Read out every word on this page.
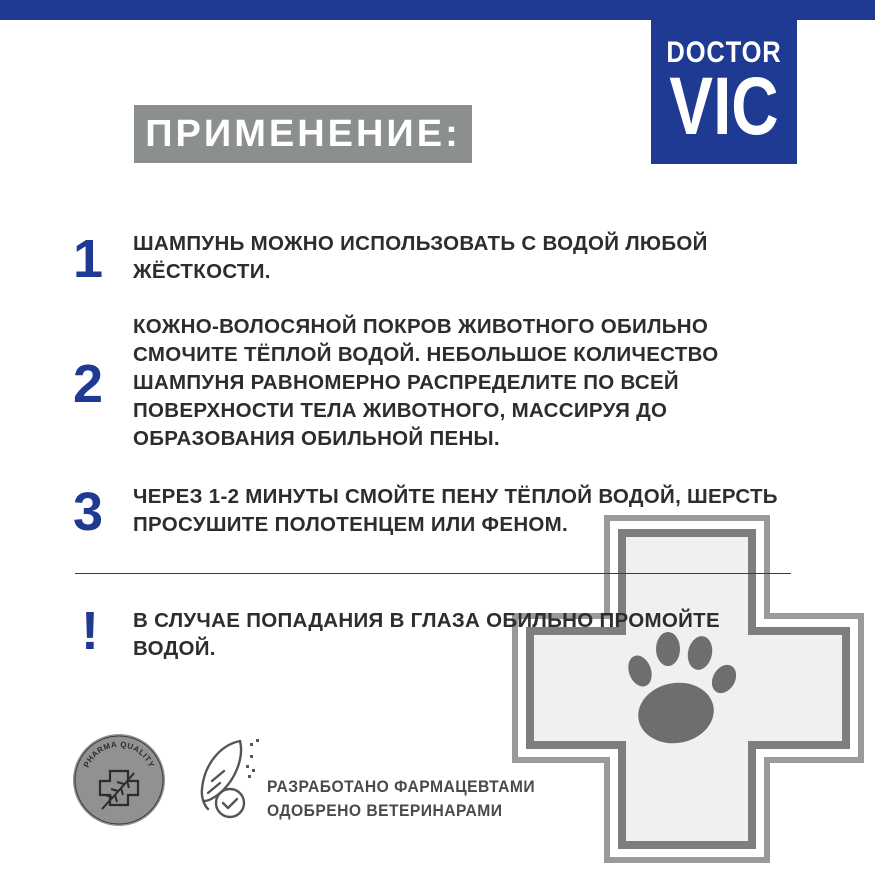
DOCTOR
VIC
ПРИМЕНЕНИЕ:
1 ШАМПУНЬ МОЖНО ИСПОЛЬЗОВАТЬ С ВОДОЙ ЛЮБОЙ ЖЁСТКОСТИ.

2

КОЖНО-ВОЛОСЯНОЙ ПОКРОВ ЖИВОТНОГО ОБИЛЬНО СМОЧИТЕ ТЁПЛОЙ ВОДОЙ. НЕБОЛЬШОЕ КОЛИЧЕСТВО ШАМПУНЯ РАВНОМЕРНО РАСПРЕДЕЛИТЕ ПО ВСЕЙ ПОВЕРХНОСТИ ТЕЛА ЖИВОТНОГО, МАССИРУЯ ДО ОБРАЗОВАНИЯ ОБИЛЬНОЙ ПЕНЫ.

3 ЧЕРЕЗ 1-2 МИНУТЫ СМОЙТЕ ПЕНУ ТЁПЛОЙ ВОДОЙ, ШЕРСТЬ ПРОСУШИТЕ ПОЛОТЕНЦЕМ ИЛИ ФЕНОМ.

!	В СЛУЧАЕ ПОПАДАНИЯ В ГЛАЗА ОБИЛЬНО ПРОМОЙТЕ ВОДОЙ.

PHARMA QUALITY
РАЗРАБОТАНО ФАРМАЦЕВТАМИ
ОДОБРЕНО ВЕТЕРИНАРАМИ
